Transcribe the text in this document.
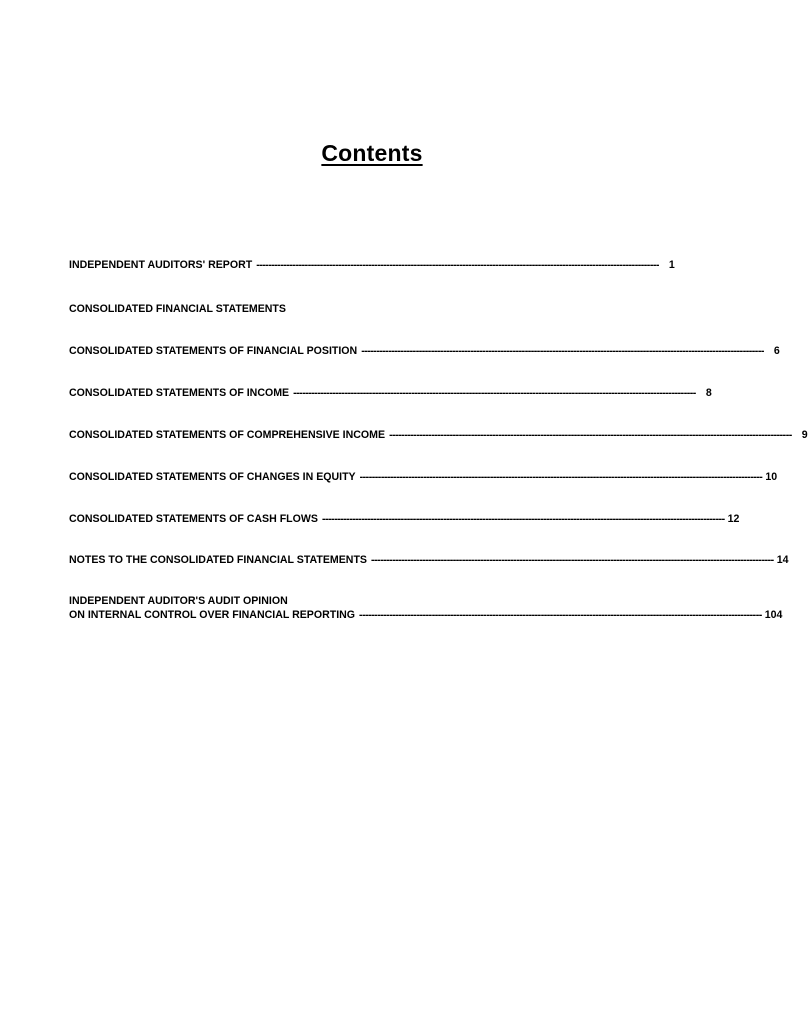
Contents
INDEPENDENT AUDITORS' REPORT ------------------------------------------------------------------------------------------------------------------------------------- 1
CONSOLIDATED FINANCIAL STATEMENTS
CONSOLIDATED STATEMENTS OF FINANCIAL POSITION ------------------------------------------------------------------------------------------------------------------------------------- 6
CONSOLIDATED STATEMENTS OF INCOME ------------------------------------------------------------------------------------------------------------------------------------- 8
CONSOLIDATED STATEMENTS OF COMPREHENSIVE INCOME ------------------------------------------------------------------------------------------------------------------------------------- 9
CONSOLIDATED STATEMENTS OF CHANGES IN EQUITY ------------------------------------------------------------------------------------------------------------------------------------- 10
CONSOLIDATED STATEMENTS OF CASH FLOWS ------------------------------------------------------------------------------------------------------------------------------------- 12
NOTES TO THE CONSOLIDATED FINANCIAL STATEMENTS ------------------------------------------------------------------------------------------------------------------------------------- 14
INDEPENDENT AUDITOR'S AUDIT OPINION
ON INTERNAL CONTROL OVER FINANCIAL REPORTING ------------------------------------------------------------------------------------------------------------------------------------- 104
